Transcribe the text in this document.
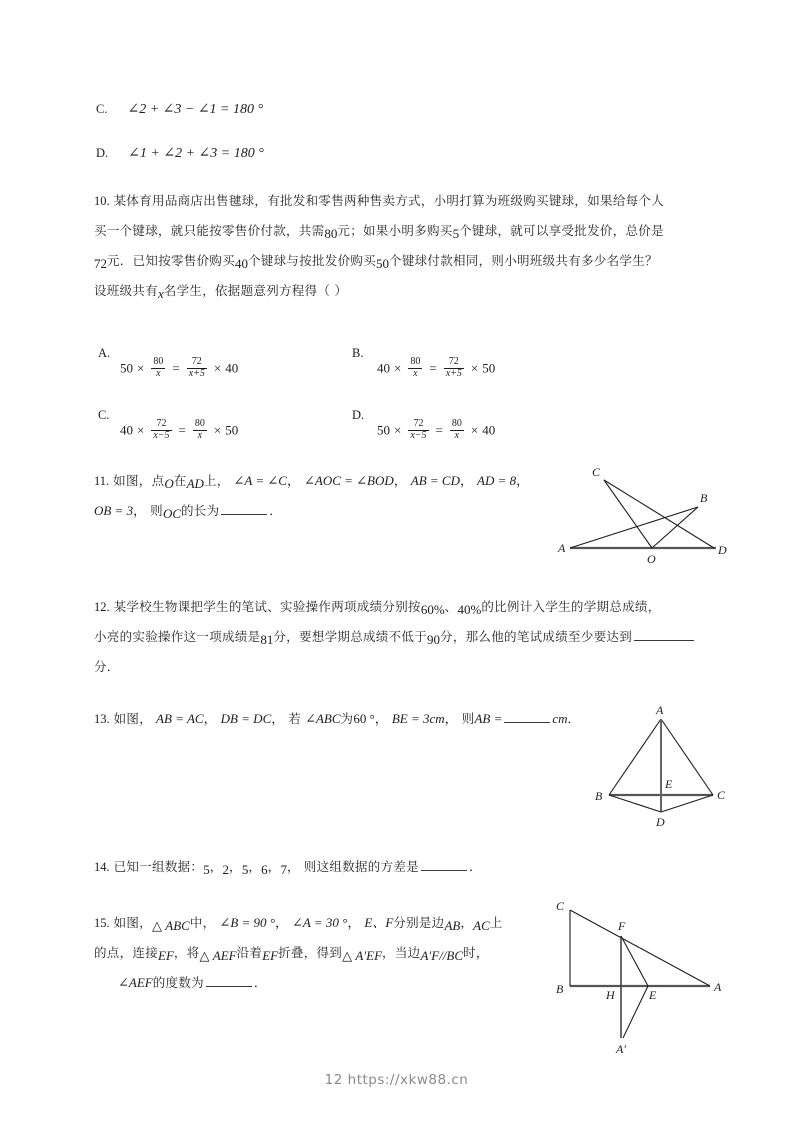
C. ∠2 + ∠3 − ∠1 = 180 °
D. ∠1 + ∠2 + ∠3 = 180 °
10. 某体育用品商店出售毽球，有批发和零售两种售卖方式，小明打算为班级购买键球，如果给每个人
买一个键球，就只能按零售价付款，共需80元；如果小明多购买5个键球，就可以享受批发价，总价是
72元．已知按零售价购买40个键球与按批发价购买50个键球付款相同，则小明班级共有多少名学生？
设班级共有x名学生，依据题意列方程得（ ）
A.
$50 \times \frac{80}{x} = \frac{72}{x+5} \times 40$
B.
$40 \times \frac{80}{x} = \frac{72}{x+5} \times 50$
C.
$40 \times \frac{72}{x-5} = \frac{80}{x} \times 50$
D.
$50 \times \frac{72}{x-5} = \frac{80}{x} \times 40$
11. 如图，点O在AD上， ∠A = ∠C， ∠AOC = ∠BOD， AB = CD， AD = 8，
OB = 3， 则OC的长为	．
C
B
A
O
D
12. 某学校生物课把学生的笔试、实验操作两项成绩分别按60%、40%的比例计入学生的学期总成绩，
小亮的实验操作这一项成绩是81分，要想学期总成绩不低于90分，那么他的笔试成绩至少要达到
分．
13. 如图， AB = AC， DB = DC， 若 ∠ABC为60 °， BE = 3cm， 则AB =	cm．
A
B	C
E
D
14. 已知一组数据：5，2，5，6，7， 则这组数据的方差是	．
15. 如图，△ ABC中， ∠B = 90 °， ∠A = 30 °， E、F分别是边AB，AC上
的点，连接EF，将△ AEF沿着EF折叠，得到△ A′EF，当边A′F//BC时，
∠AEF的度数为	．
C
F
B	H	E
A
A′
12 https://xkw88.cn
